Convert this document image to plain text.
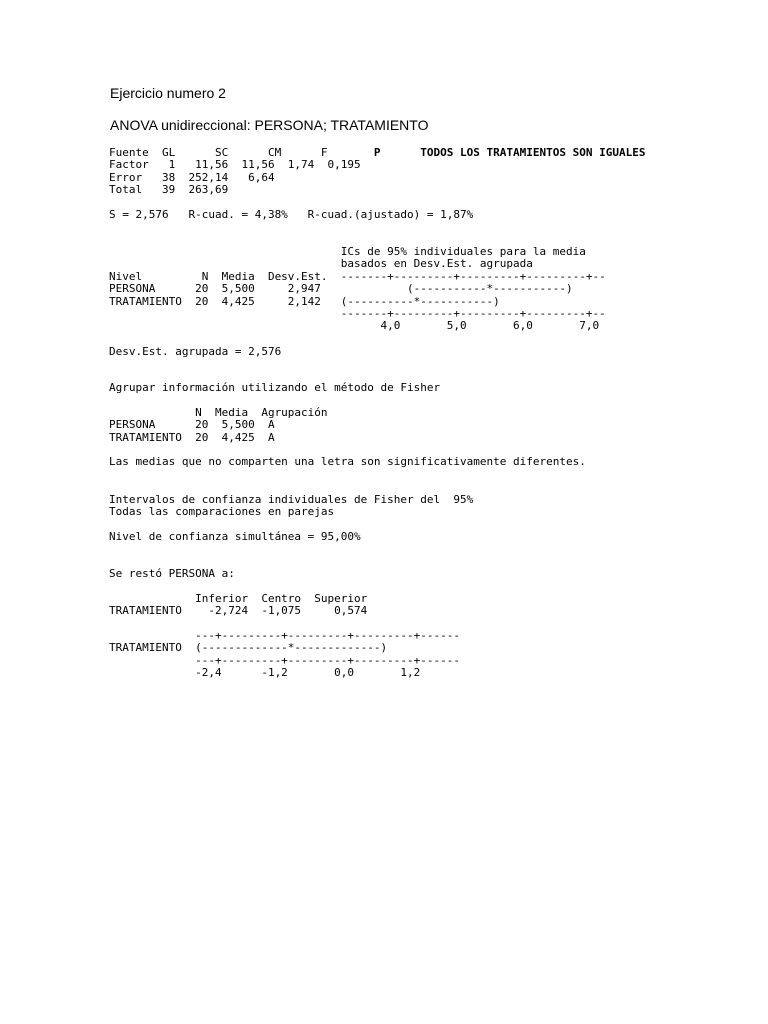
Ejercicio numero 2

ANOVA unidireccional: PERSONA; TRATAMIENTO

Fuente  GL      SC      CM      F       P	TODOS LOS TRATAMIENTOS SON IGUALES
Factor   1   11,56  11,56  1,74  0,195
Error   38  252,14   6,64
Total   39  263,69
S = 2,576   R-cuad. = 4,38%   R-cuad.(ajustado) = 1,87%
ICs de 95% individuales para la media
basados en Desv.Est. agrupada
Nivel         N  Media  Desv.Est.  -------+---------+---------+---------+--
PERSONA      20  5,500     2,947             (-----------*-----------)
TRATAMIENTO  20  4,425     2,142   (----------*-----------)
-------+---------+---------+---------+--
4,0       5,0       6,0       7,0
Desv.Est. agrupada = 2,576
Agrupar información utilizando el método de Fisher

N  Media  Agrupación
PERSONA      20  5,500  A
TRATAMIENTO  20  4,425  A

Las medias que no comparten una letra son significativamente diferentes.
Intervalos de confianza individuales de Fisher del  95%
Todas las comparaciones en parejas

Nivel de confianza simultánea = 95,00%
Se restó PERSONA a:

Inferior  Centro  Superior
TRATAMIENTO    -2,724  -1,075     0,574

---+---------+---------+---------+------
TRATAMIENTO  (-------------*-------------)
---+---------+---------+---------+------
-2,4      -1,2       0,0       1,2
